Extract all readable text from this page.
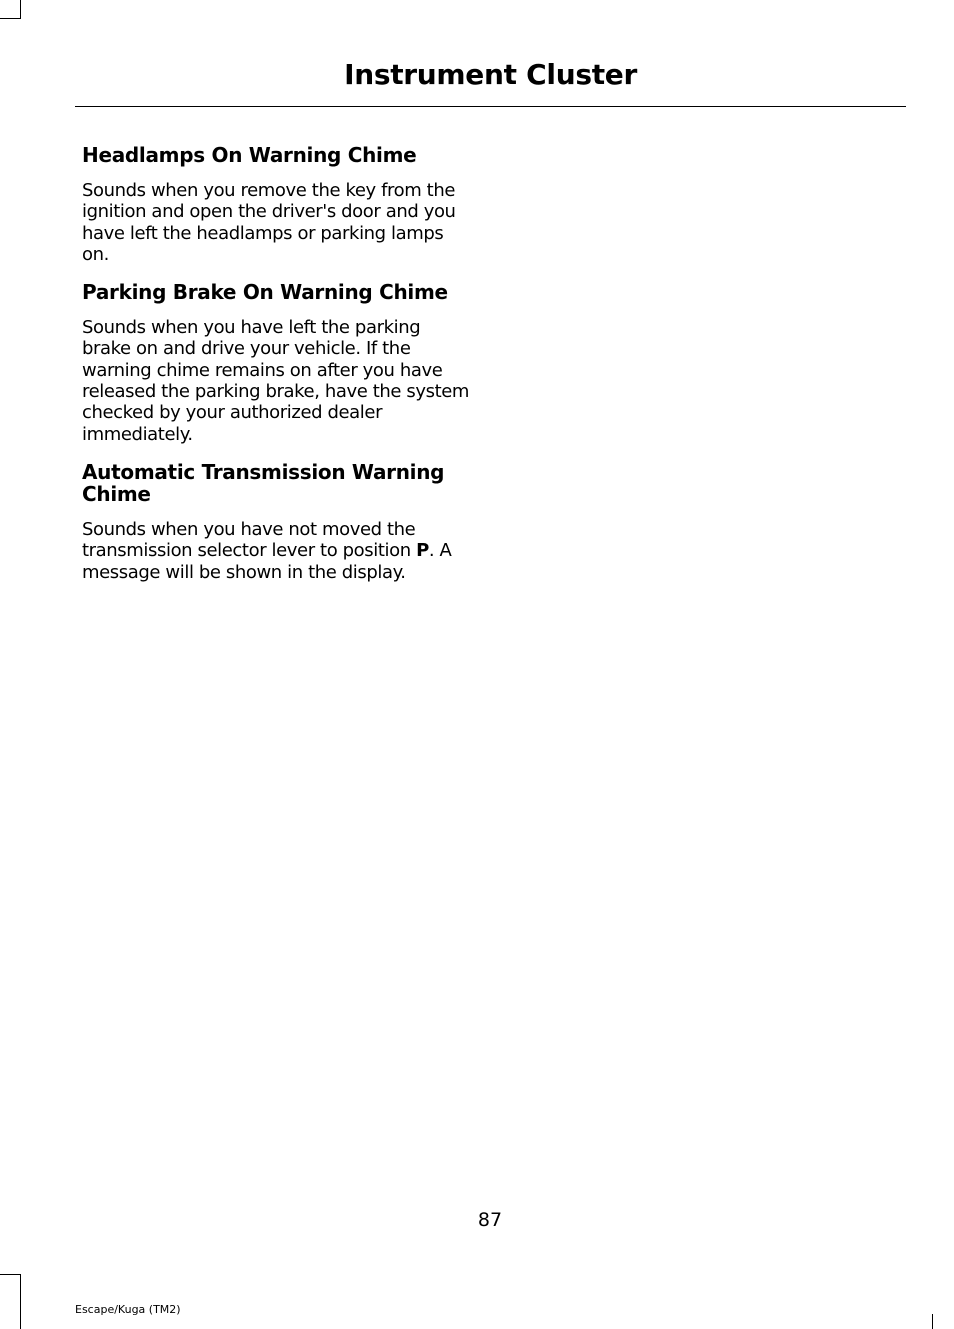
Instrument Cluster
Headlamps On Warning Chime

Sounds when you remove the key from the ignition and open the driver's door and you have left the headlamps or parking lamps on.

Parking Brake On Warning Chime

Sounds when you have left the parking brake on and drive your vehicle. If the warning chime remains on after you have released the parking brake, have the system checked by your authorized dealer immediately.

Automatic Transmission Warning Chime

Sounds when you have not moved the transmission selector lever to position P. A message will be shown in the display.

87
Escape/Kuga (TM2)
